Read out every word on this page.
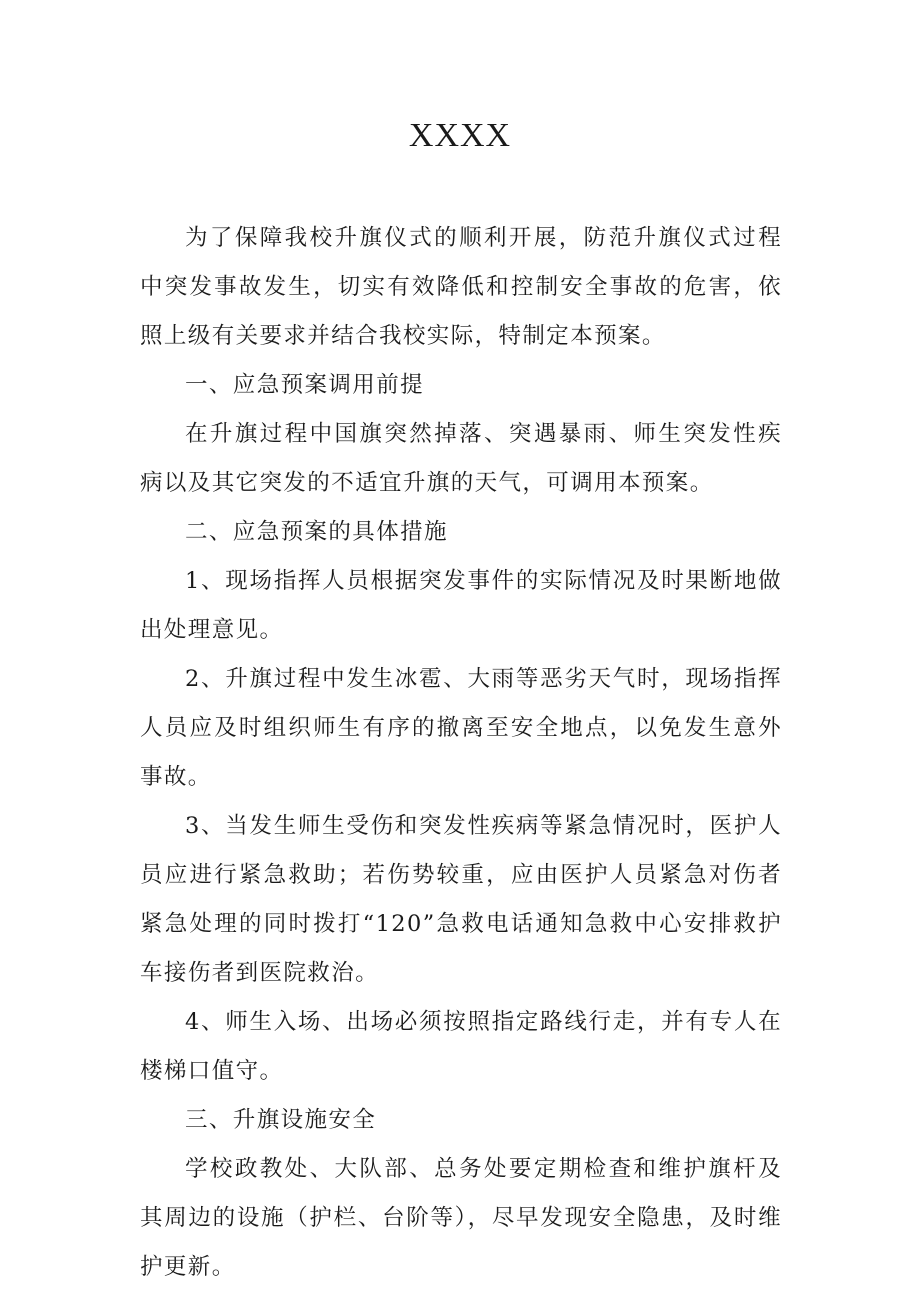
XXXX

为了保障我校升旗仪式的顺利开展，防范升旗仪式过程中突发事故发生，切实有效降低和控制安全事故的危害，依照上级有关要求并结合我校实际，特制定本预案。

一、应急预案调用前提

在升旗过程中国旗突然掉落、突遇暴雨、师生突发性疾病以及其它突发的不适宜升旗的天气，可调用本预案。

二、应急预案的具体措施

1、现场指挥人员根据突发事件的实际情况及时果断地做出处理意见。

2、升旗过程中发生冰雹、大雨等恶劣天气时，现场指挥人员应及时组织师生有序的撤离至安全地点，以免发生意外事故。

3、当发生师生受伤和突发性疾病等紧急情况时，医护人员应进行紧急救助；若伤势较重，应由医护人员紧急对伤者紧急处理的同时拨打“120”急救电话通知急救中心安排救护车接伤者到医院救治。

4、师生入场、出场必须按照指定路线行走，并有专人在楼梯口值守。

三、升旗设施安全

学校政教处、大队部、总务处要定期检查和维护旗杆及其周边的设施（护栏、台阶等），尽早发现安全隐患，及时维护更新。
